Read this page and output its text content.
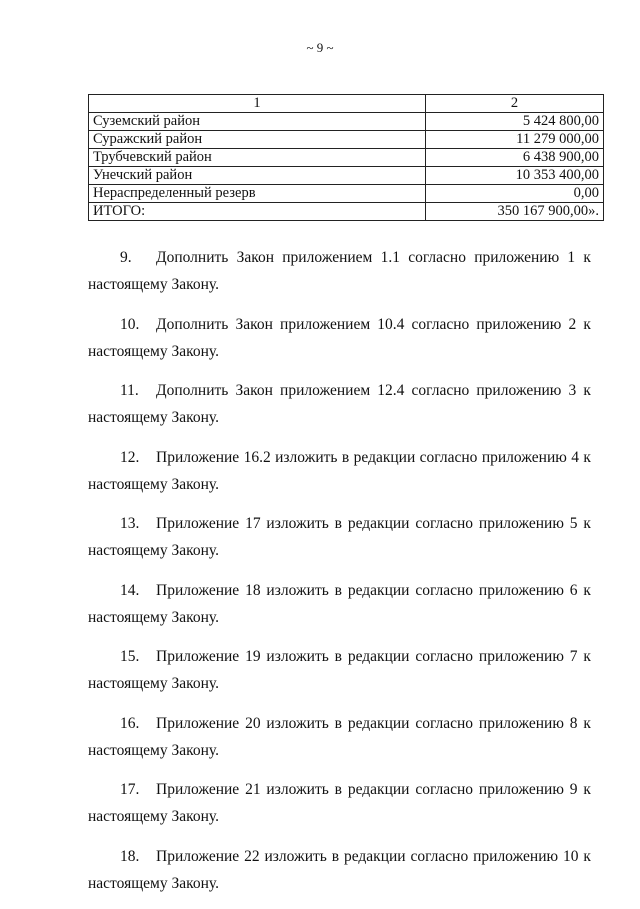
~ 9 ~
1	2
Суземский район	5 424 800,00
Суражский район	11 279 000,00
Трубчевский район	6 438 900,00
Унечский район	10 353 400,00
Нераспределенный резерв	0,00
ИТОГО:	350 167 900,00».
9.	Дополнить Закон приложением 1.1 согласно приложению 1 к
настоящему Закону.
10.	Дополнить Закон приложением 10.4 согласно приложению 2 к
настоящему Закону.
11.	Дополнить Закон приложением 12.4 согласно приложению 3 к
настоящему Закону.
12.	Приложение 16.2 изложить в редакции согласно приложению 4 к
настоящему Закону.
13.	Приложение 17 изложить в редакции согласно приложению 5 к
настоящему Закону.
14.	Приложение 18 изложить в редакции согласно приложению 6 к
настоящему Закону.
15.	Приложение 19 изложить в редакции согласно приложению 7 к
настоящему Закону.
16.	Приложение 20 изложить в редакции согласно приложению 8 к
настоящему Закону.
17.	Приложение 21 изложить в редакции согласно приложению 9 к
настоящему Закону.
18.	Приложение 22 изложить в редакции согласно приложению 10 к
настоящему Закону.
